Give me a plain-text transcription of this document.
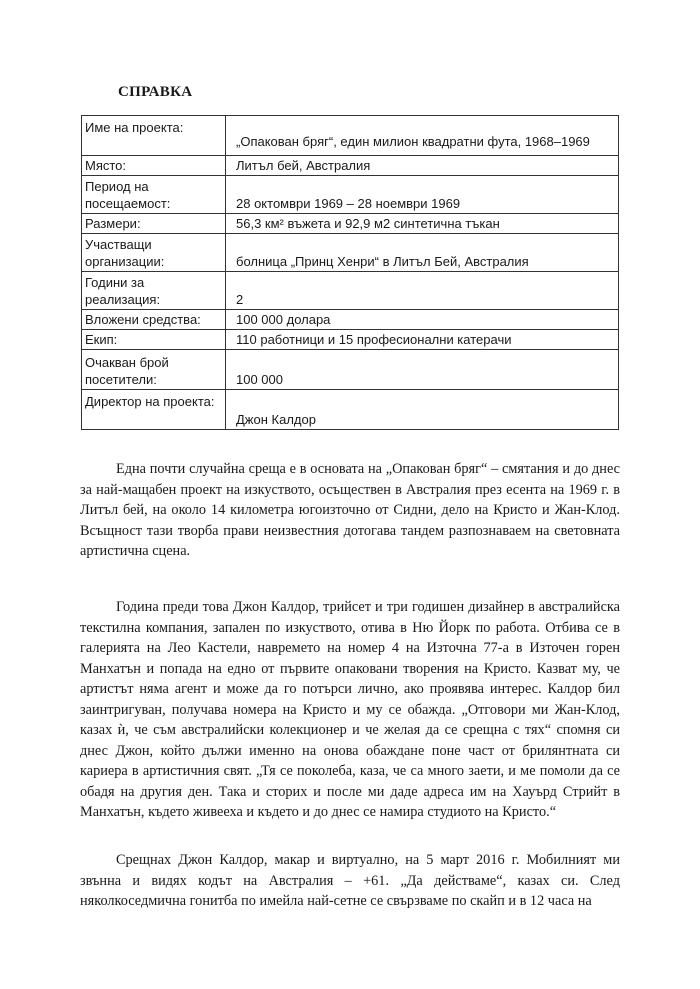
СПРАВКА
Име на проекта:	„Опакован бряг“, един милион квадратни фута, 1968–1969
Място:	Литъл бей, Австралия
Период на посещаемост:	28 октомври 1969 – 28 ноември 1969
Размери:	56,3 км² въжета и 92,9 м2 синтетична тъкан
Участващи организации:	болница „Принц Хенри“ в Литъл Бей, Австралия
Години за реализация:	2
Вложени средства:	100 000 долара
Екип:	110 работници и 15 професионални катерачи
Очакван брой посетители:	100 000
Директор на проекта:	Джон Калдор

Една почти случайна среща е в основата на „Опакован бряг“ – смятания и до днес за най-мащабен проект на изкуството, осъществен в Австралия през есента на 1969 г. в Литъл бей, на около 14 километра югоизточно от Сидни, дело на Кристо и Жан-Клод. Всъщност тази творба прави неизвестния дотогава тандем разпознаваем на световната артистична сцена.

Година преди това Джон Калдор, трийсет и три годишен дизайнер в австралийска текстилна компания, запален по изкуството, отива в Ню Йорк по работа. Отбива се в галерията на Лео Кастели, навремето на номер 4 на Източна 77-а в Източен горен Манхатън и попада на едно от първите опаковани творения на Кристо. Казват му, че артистът няма агент и може да го потърси лично, ако проявява интерес. Калдор бил заинтригуван, получава номера на Кристо и му се обажда. „Отговори ми Жан-Клод, казах ѝ, че съм австралийски колекционер и че желая да се срещна с тях“ спомня си днес Джон, който дължи именно на онова обаждане поне част от брилянтната си кариера в артистичния свят. „Тя се поколеба, каза, че са много заети, и ме помоли да се обадя на другия ден. Така и сторих и после ми даде адреса им на Хауърд Стрийт в Манхатън, където живееха и където и до днес се намира студиото на Кристо.“

Срещнах Джон Калдор, макар и виртуално, на 5 март 2016 г. Мобилният ми звънна и видях кодът на Австралия – +61. „Да действаме“, казах си. След няколкоседмична гонитба по имейла най-сетне се свързваме по скайп и в 12 часа на
